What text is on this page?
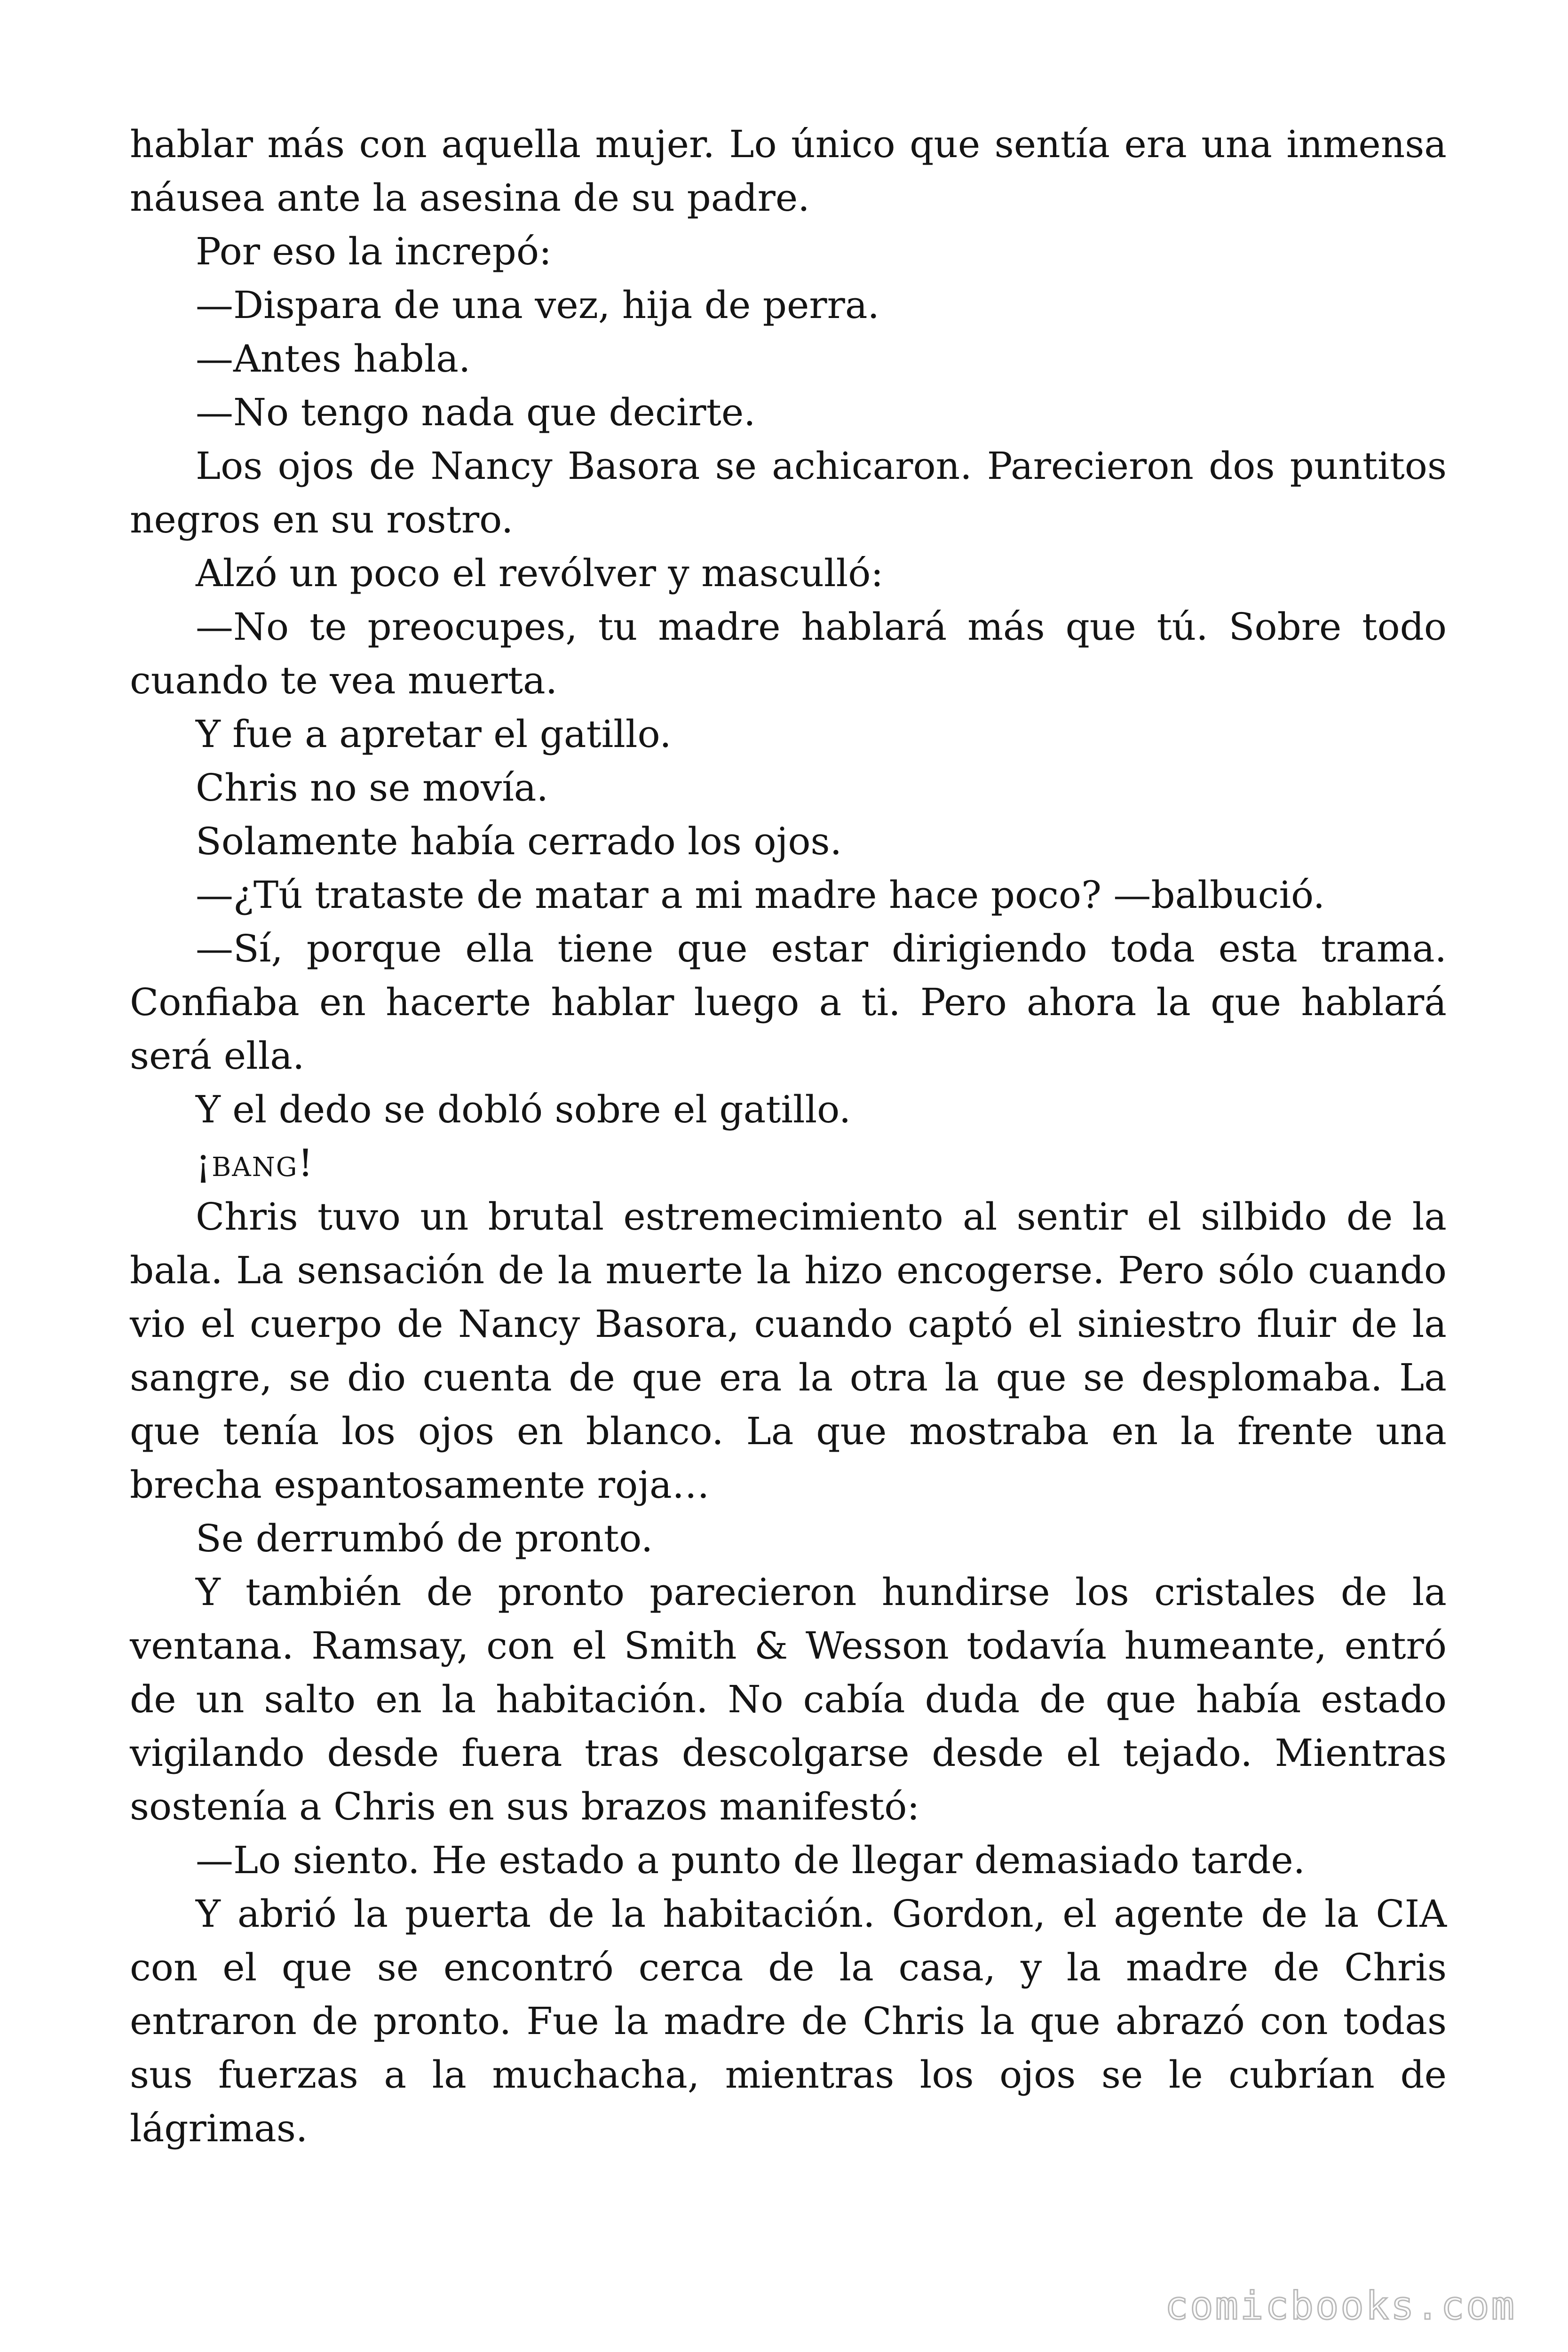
hablar más con aquella mujer. Lo único que sentía era una inmensa náusea ante la asesina de su padre.

Por eso la increpó:

—Dispara de una vez, hija de perra.

—Antes habla.

—No tengo nada que decirte.

Los ojos de Nancy Basora se achicaron. Parecieron dos puntitos negros en su rostro.

Alzó un poco el revólver y masculló:

—No te preocupes, tu madre hablará más que tú. Sobre todo cuando te vea muerta.

Y fue a apretar el gatillo.

Chris no se movía.

Solamente había cerrado los ojos.

—¿Tú trataste de matar a mi madre hace poco? —balbució.

—Sí, porque ella tiene que estar dirigiendo toda esta trama. Confiaba en hacerte hablar luego a ti. Pero ahora la que hablará será ella.

Y el dedo se dobló sobre el gatillo.

¡bang!

Chris tuvo un brutal estremecimiento al sentir el silbido de la bala. La sensación de la muerte la hizo encogerse. Pero sólo cuando vio el cuerpo de Nancy Basora, cuando captó el siniestro fluir de la sangre, se dio cuenta de que era la otra la que se desplomaba. La que tenía los ojos en blanco. La que mostraba en la frente una brecha espantosamente roja…

Se derrumbó de pronto.

Y también de pronto parecieron hundirse los cristales de la ventana. Ramsay, con el Smith & Wesson todavía humeante, entró de un salto en la habitación. No cabía duda de que había estado vigilando desde fuera tras descolgarse desde el tejado. Mientras sostenía a Chris en sus brazos manifestó:

—Lo siento. He estado a punto de llegar demasiado tarde.

Y abrió la puerta de la habitación. Gordon, el agente de la CIA con el que se encontró cerca de la casa, y la madre de Chris entraron de pronto. Fue la madre de Chris la que abrazó con todas sus fuerzas a la muchacha, mientras los ojos se le cubrían de lágrimas.

comicbooks.com
